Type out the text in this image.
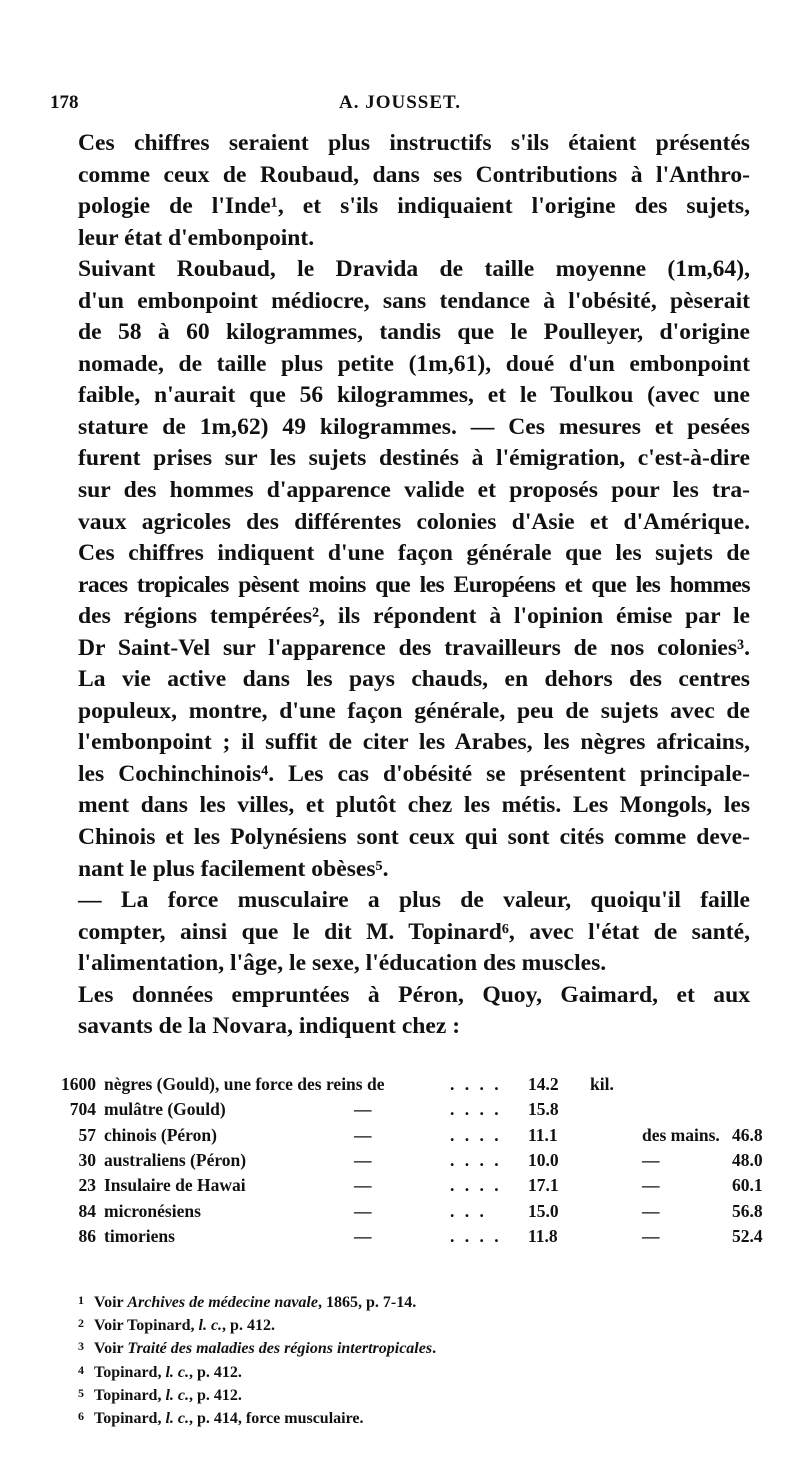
178	A. JOUSSET.
Ces chiffres seraient plus instructifs s'ils étaient présentés
comme ceux de Roubaud, dans ses Contributions à l'Anthro-
pologie de l'Inde¹, et s'ils indiquaient l'origine des sujets,
leur état d'embonpoint.
Suivant Roubaud, le Dravida de taille moyenne (1m,64),
d'un embonpoint médiocre, sans tendance à l'obésité, pèserait
de 58 à 60 kilogrammes, tandis que le Poulleyer, d'origine
nomade, de taille plus petite (1m,61), doué d'un embonpoint
faible, n'aurait que 56 kilogrammes, et le Toulkou (avec une
stature de 1m,62) 49 kilogrammes. — Ces mesures et pesées
furent prises sur les sujets destinés à l'émigration, c'est-à-dire
sur des hommes d'apparence valide et proposés pour les tra-
vaux agricoles des différentes colonies d'Asie et d'Amérique.
Ces chiffres indiquent d'une façon générale que les sujets de
races tropicales pèsent moins que les Européens et que les hommes
des régions tempérées², ils répondent à l'opinion émise par le
Dr Saint-Vel sur l'apparence des travailleurs de nos colonies³.
La vie active dans les pays chauds, en dehors des centres
populeux, montre, d'une façon générale, peu de sujets avec de
l'embonpoint ; il suffit de citer les Arabes, les nègres africains,
les Cochinchinois⁴. Les cas d'obésité se présentent principale-
ment dans les villes, et plutôt chez les métis. Les Mongols, les
Chinois et les Polynésiens sont ceux qui sont cités comme deve-
nant le plus facilement obèses⁵.
— La force musculaire a plus de valeur, quoiqu'il faille
compter, ainsi que le dit M. Topinard⁶, avec l'état de santé,
l'alimentation, l'âge, le sexe, l'éducation des muscles.
Les données empruntées à Péron, Quoy, Gaimard, et aux
savants de la Novara, indiquent chez :
1600 nègres (Gould), une force des reins de	. . . . 14.2 kil.
704 mulâtre (Gould)	—	. . . . 15.8
57 chinois (Péron)	—	. . . . 11.1	des mains. 46.8
30 australiens (Péron)	—	. . . . 10.0	—	48.0
23 Insulaire de Hawai	—	. . . . 17.1	—	60.1
84 micronésiens	—	. . . 15.0	—	56.8
86 timoriens	—	. . . . 11.8	—	52.4
1 Voir Archives de médecine navale, 1865, p. 7-14.
2 Voir Topinard, l. c., p. 412.
3 Voir Traité des maladies des régions intertropicales.
4 Topinard, l. c., p. 412.
5 Topinard, l. c., p. 412.
6 Topinard, l. c., p. 414, force musculaire.
